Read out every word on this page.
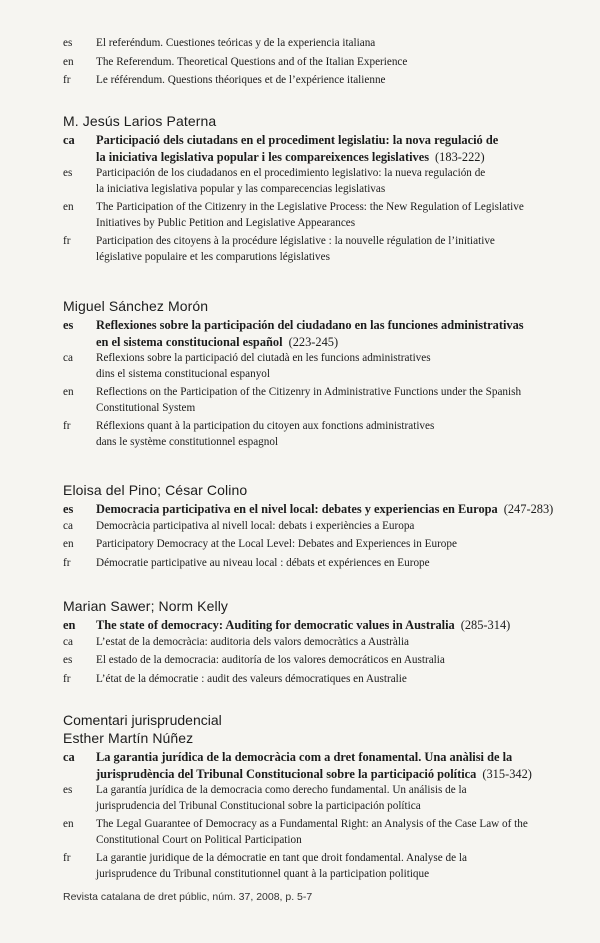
es	El referéndum. Cuestiones teóricas y de la experiencia italiana
en	The Referendum. Theoretical Questions and of the Italian Experience
fr	Le référendum. Questions théoriques et de l’expérience italienne
M. Jesús Larios Paterna
ca	Participació dels ciutadans en el procediment legislatiu: la nova regulació de
la iniciativa legislativa popular i les compareixences legislatives (183-222)
es	Participación de los ciudadanos en el procedimiento legislativo: la nueva regulación de
la iniciativa legislativa popular y las comparecencias legislativas
en	The Participation of the Citizenry in the Legislative Process: the New Regulation of Legislative
Initiatives by Public Petition and Legislative Appearances
fr	Participation des citoyens à la procédure législative : la nouvelle régulation de l’initiative
législative populaire et les comparutions législatives
Miguel Sánchez Morón
es	Reflexiones sobre la participación del ciudadano en las funciones administrativas
en el sistema constitucional español (223-245)
ca	Reflexions sobre la participació del ciutadà en les funcions administratives
dins el sistema constitucional espanyol
en	Reflections on the Participation of the Citizenry in Administrative Functions under the Spanish
Constitutional System
fr	Réflexions quant à la participation du citoyen aux fonctions administratives
dans le système constitutionnel espagnol
Eloisa del Pino; César Colino
es	Democracia participativa en el nivel local: debates y experiencias en Europa (247-283)
ca	Democràcia participativa al nivell local: debats i experiències a Europa
en	Participatory Democracy at the Local Level: Debates and Experiences in Europe
fr	Démocratie participative au niveau local : débats et expériences en Europe
Marian Sawer; Norm Kelly
en	The state of democracy: Auditing for democratic values in Australia (285-314)
ca	L’estat de la democràcia: auditoria dels valors democràtics a Austràlia
es	El estado de la democracia: auditoría de los valores democráticos en Australia
fr	L’état de la démocratie : audit des valeurs démocratiques en Australie
Comentari jurisprudencial
Esther Martín Núñez
ca	La garantia jurídica de la democràcia com a dret fonamental. Una anàlisi de la
jurisprudència del Tribunal Constitucional sobre la participació política (315-342)
es	La garantía jurídica de la democracia como derecho fundamental. Un análisis de la
jurisprudencia del Tribunal Constitucional sobre la participación política
en	The Legal Guarantee of Democracy as a Fundamental Right: an Analysis of the Case Law of the
Constitutional Court on Political Participation
fr	La garantie juridique de la démocratie en tant que droit fondamental. Analyse de la
jurisprudence du Tribunal constitutionnel quant à la participation politique
Revista catalana de dret públic, núm. 37, 2008, p. 5-7
